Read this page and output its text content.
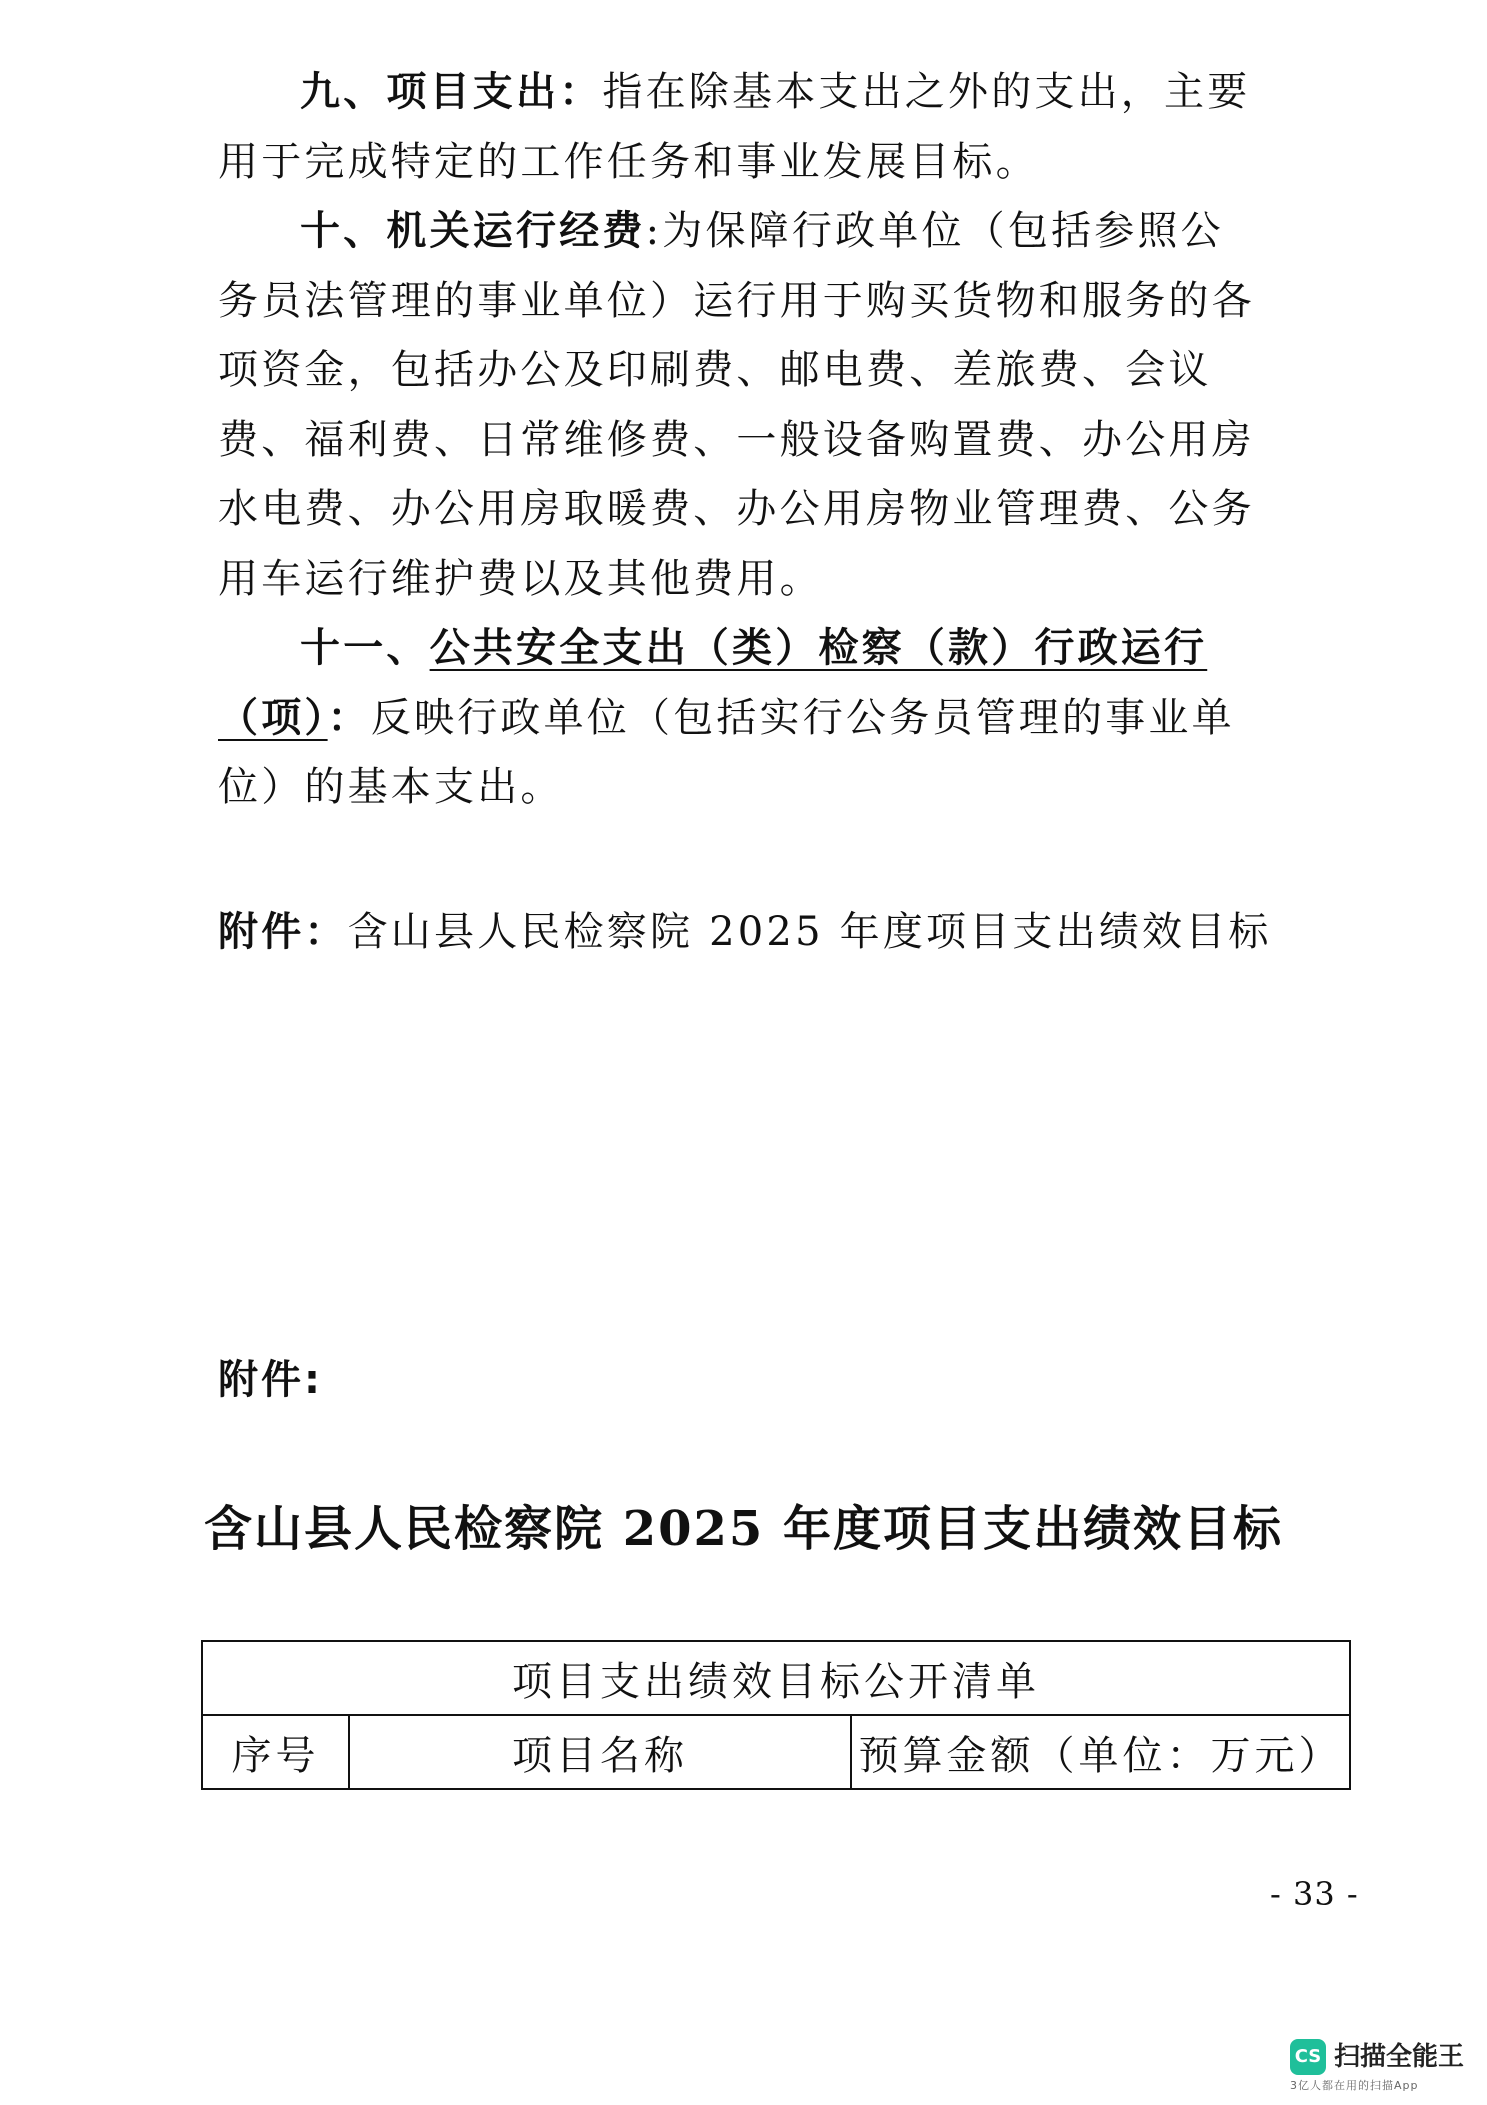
九、项目支出：指在除基本支出之外的支出，主要用于完成特定的工作任务和事业发展目标。

十、机关运行经费:为保障行政单位（包括参照公务员法管理的事业单位）运行用于购买货物和服务的各项资金，包括办公及印刷费、邮电费、差旅费、会议费、福利费、日常维修费、一般设备购置费、办公用房水电费、办公用房取暖费、办公用房物业管理费、公务用车运行维护费以及其他费用。

十一、公共安全支出（类）检察（款）行政运行（项）：反映行政单位（包括实行公务员管理的事业单位）的基本支出。

附件：含山县人民检察院 2025 年度项目支出绩效目标

附件:

含山县人民检察院 2025 年度项目支出绩效目标
项目支出绩效目标公开清单
序号	项目名称	预算金额（单位：万元）
- 33 -
CS 扫描全能王
3亿人都在用的扫描App
